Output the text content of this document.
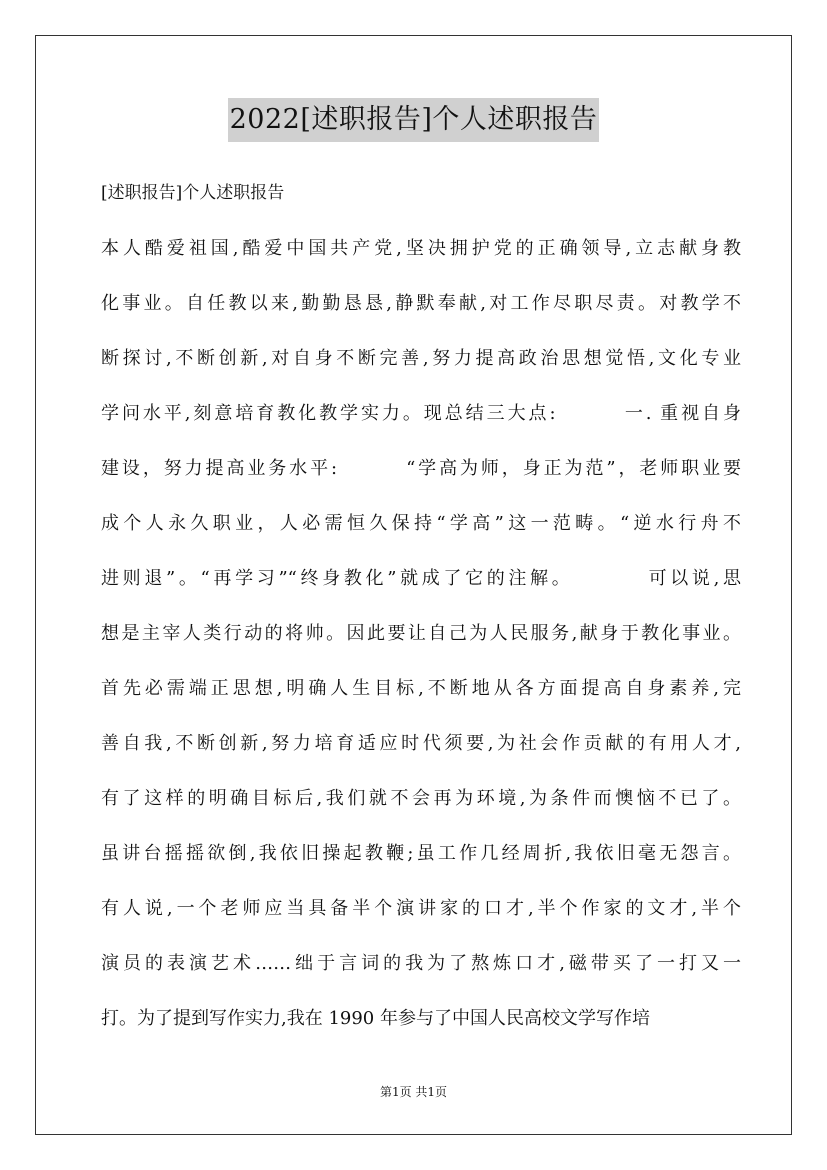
2022[述职报告]个人述职报告
[述职报告]个人述职报告
本人酷爱祖国,酷爱中国共产党,坚决拥护党的正确领导,立志献身教
化事业。自任教以来,勤勤恳恳,静默奉献,对工作尽职尽责。对教学不
断探讨,不断创新,对自身不断完善,努力提高政治思想觉悟,文化专业
学问水平,刻意培育教化教学实力。现总结三大点:        一. 重视自身
建设，努力提高业务水平:        “学高为师，身正为范”，老师职业要
成个人永久职业，人必需恒久保持“学高”这一范畴。“逆水行舟不
进则退”。“再学习”“终身教化”就成了它的注解。        可以说,思
想是主宰人类行动的将帅。因此要让自己为人民服务,献身于教化事业。
首先必需端正思想,明确人生目标,不断地从各方面提高自身素养,完
善自我,不断创新,努力培育适应时代须要,为社会作贡献的有用人才,
有了这样的明确目标后,我们就不会再为环境,为条件而懊恼不已了。
虽讲台摇摇欲倒,我依旧操起教鞭;虽工作几经周折,我依旧毫无怨言。
有人说,一个老师应当具备半个演讲家的口才,半个作家的文才,半个
演员的表演艺术……绌于言词的我为了熬炼口才,磁带买了一打又一
打。为了提到写作实力,我在 1990 年参与了中国人民高校文学写作培
第1页 共1页
